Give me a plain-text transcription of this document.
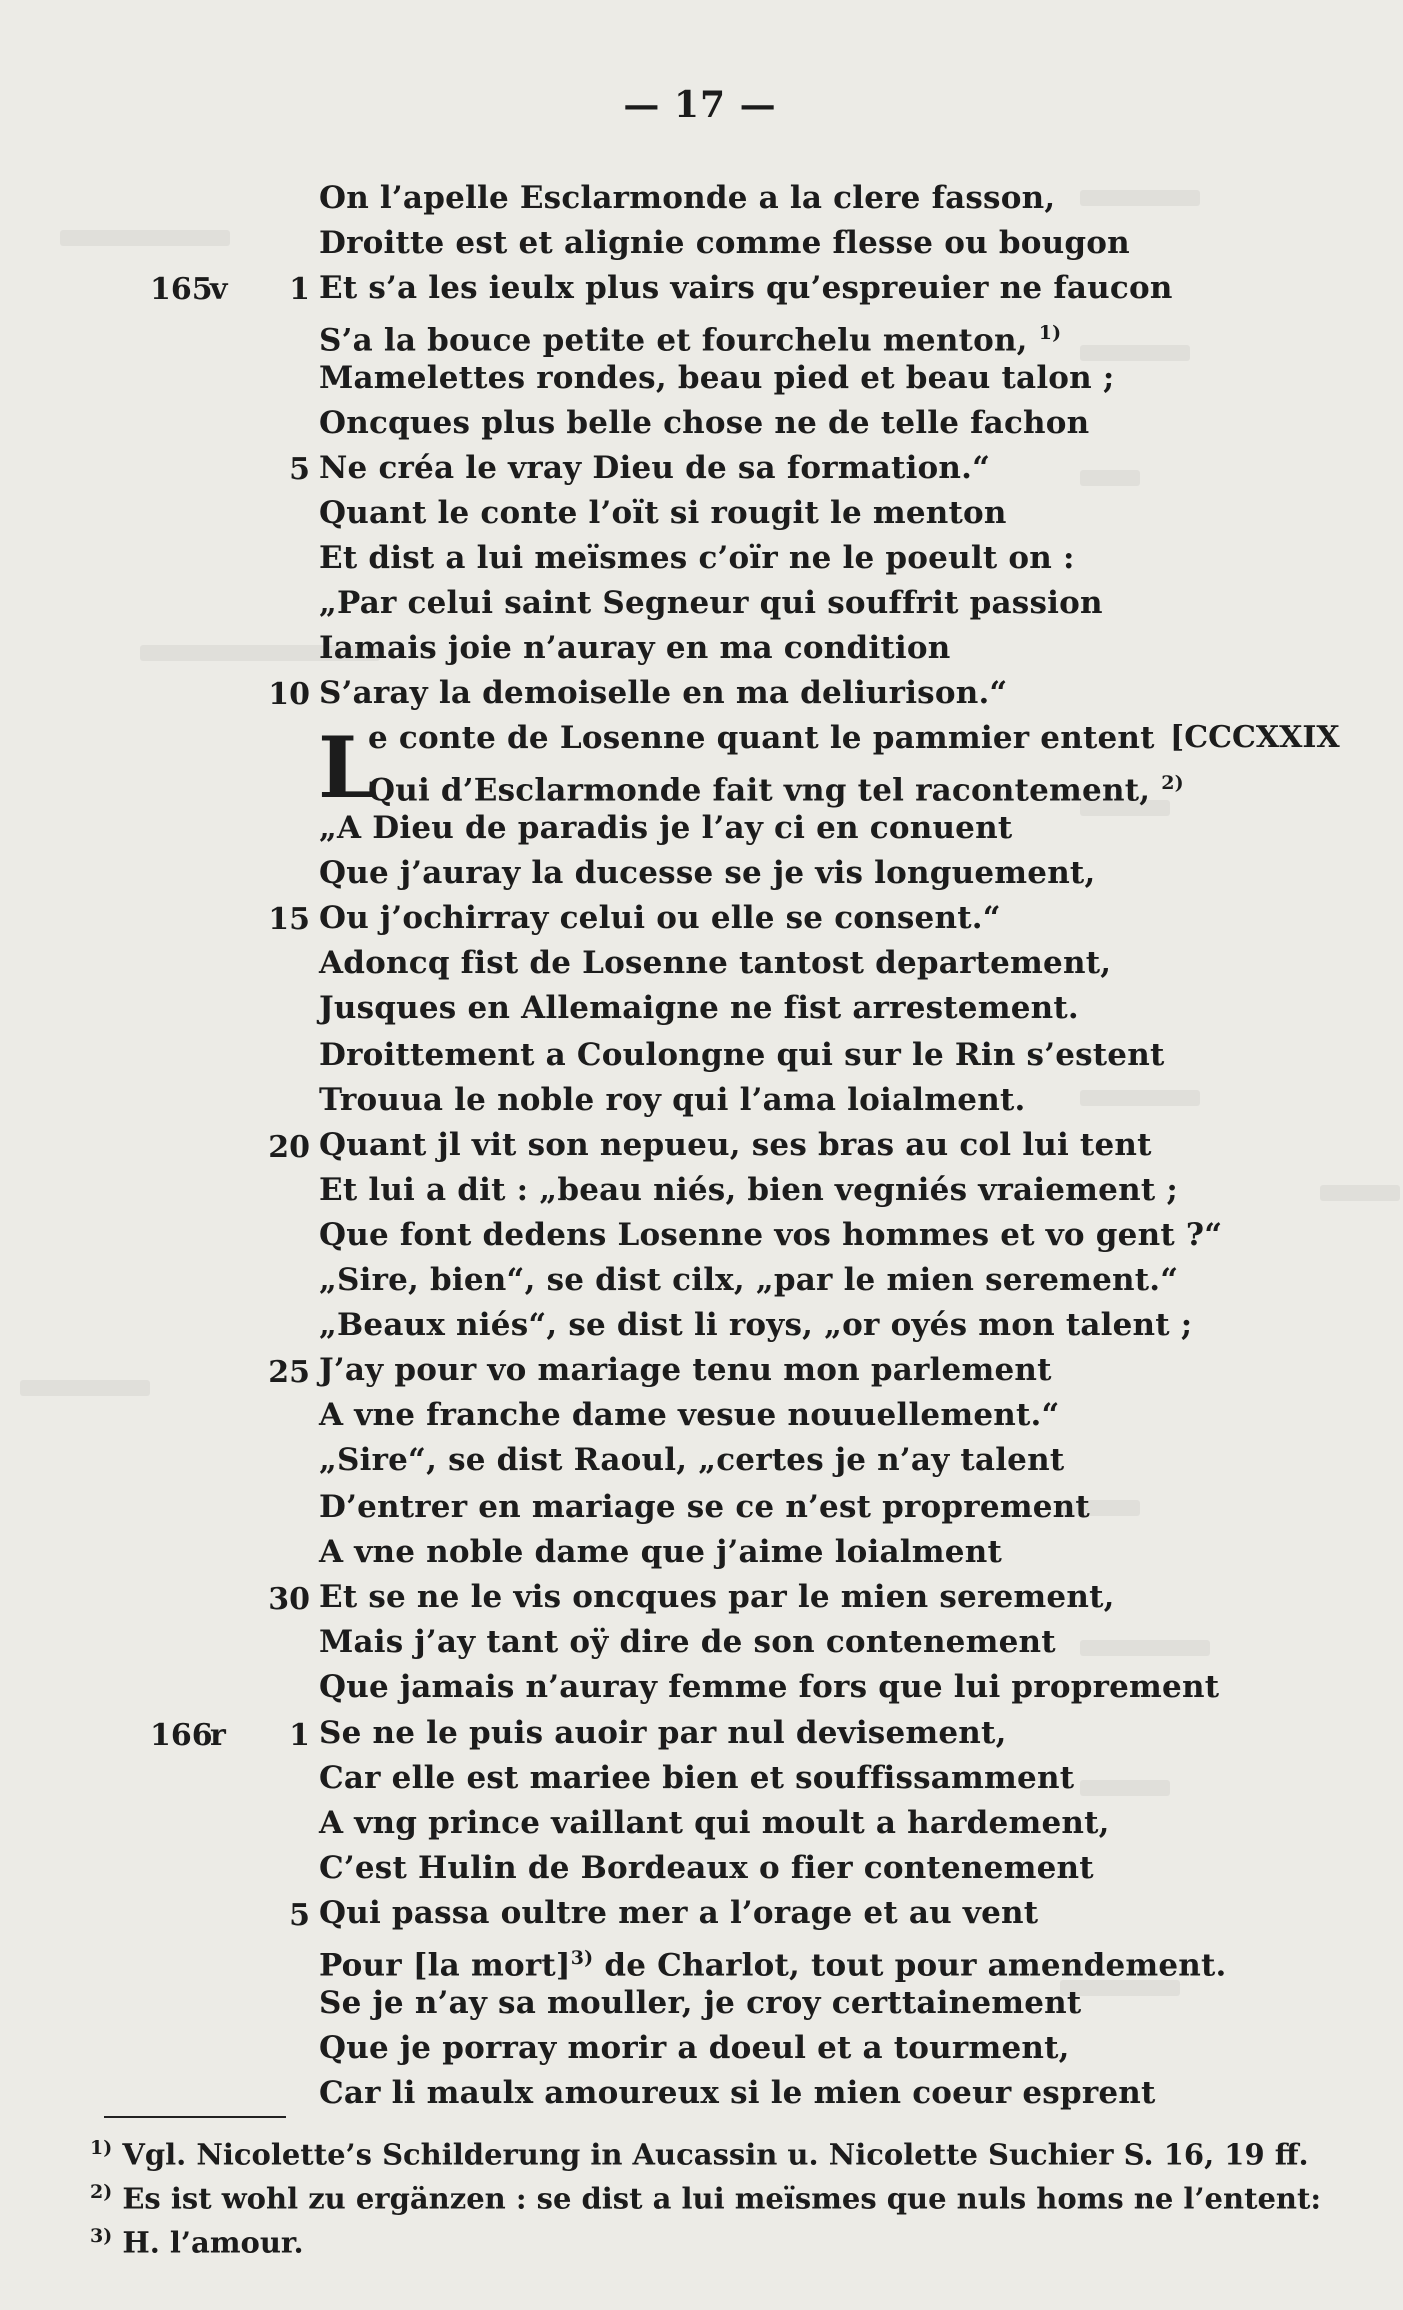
— 17 —
165
v
166
r
1
5
10
15
20
25
30
1
5
[CCCXXIX
L
On l’apelle Esclarmonde a la clere fasson,
Droitte est et alignie comme flesse ou bougon
Et s’a les ieulx plus vairs qu’espreuier ne faucon
S’a la bouce petite et fourchelu menton, $^{1)}$
Mamelettes rondes, beau pied et beau talon ;
Oncques plus belle chose ne de telle fachon
Ne créa le vray Dieu de sa formation.“
Quant le conte l’oït si rougit le menton
Et dist a lui meïsmes c’oïr ne le poeult on :
„Par celui saint Segneur qui souffrit passion
Iamais joie n’auray en ma condition
S’aray la demoiselle en ma deliurison.“
e conte de Losenne quant le pammier entent
Qui d’Esclarmonde fait vng tel racontement, $^{2)}$
„A Dieu de paradis je l’ay ci en conuent
Que j’auray la ducesse se je vis longuement,
Ou j’ochirray celui ou elle se consent.“
Adoncq fist de Losenne tantost departement,
Jusques en Allemaigne ne fist arrestement.
Droittement a Coulongne qui sur le Rin s’estent
Trouua le noble roy qui l’ama loialment.
Quant jl vit son nepueu, ses bras au col lui tent
Et lui a dit : „beau niés, bien vegniés vraiement ;
Que font dedens Losenne vos hommes et vo gent ?“
„Sire, bien“, se dist cilx, „par le mien serement.“
„Beaux niés“, se dist li roys, „or oyés mon talent ;
J’ay pour vo mariage tenu mon parlement
A vne franche dame vesue nouuellement.“
„Sire“, se dist Raoul, „certes je n’ay talent
D’entrer en mariage se ce n’est proprement
A vne noble dame que j’aime loialment
Et se ne le vis oncques par le mien serement,
Mais j’ay tant oÿ dire de son contenement
Que jamais n’auray femme fors que lui proprement
Se ne le puis auoir par nul devisement,
Car elle est mariee bien et souffissamment
A vng prince vaillant qui moult a hardement,
C’est Hulin de Bordeaux o fier contenement
Qui passa oultre mer a l’orage et au vent
Pour [la mort]$^{3)}$ de Charlot, tout pour amendement.
Se je n’ay sa mouller, je croy certtainement
Que je porray morir a doeul et a tourment,
Car li maulx amoureux si le mien coeur esprent
$^{1)}$ Vgl. Nicolette’s Schilderung in Aucassin u. Nicolette Suchier S. 16, 19 ff.
$^{2)}$ Es ist wohl zu ergänzen : se dist a lui meïsmes que nuls homs ne l’entent:
$^{3)}$ H. l’amour.
